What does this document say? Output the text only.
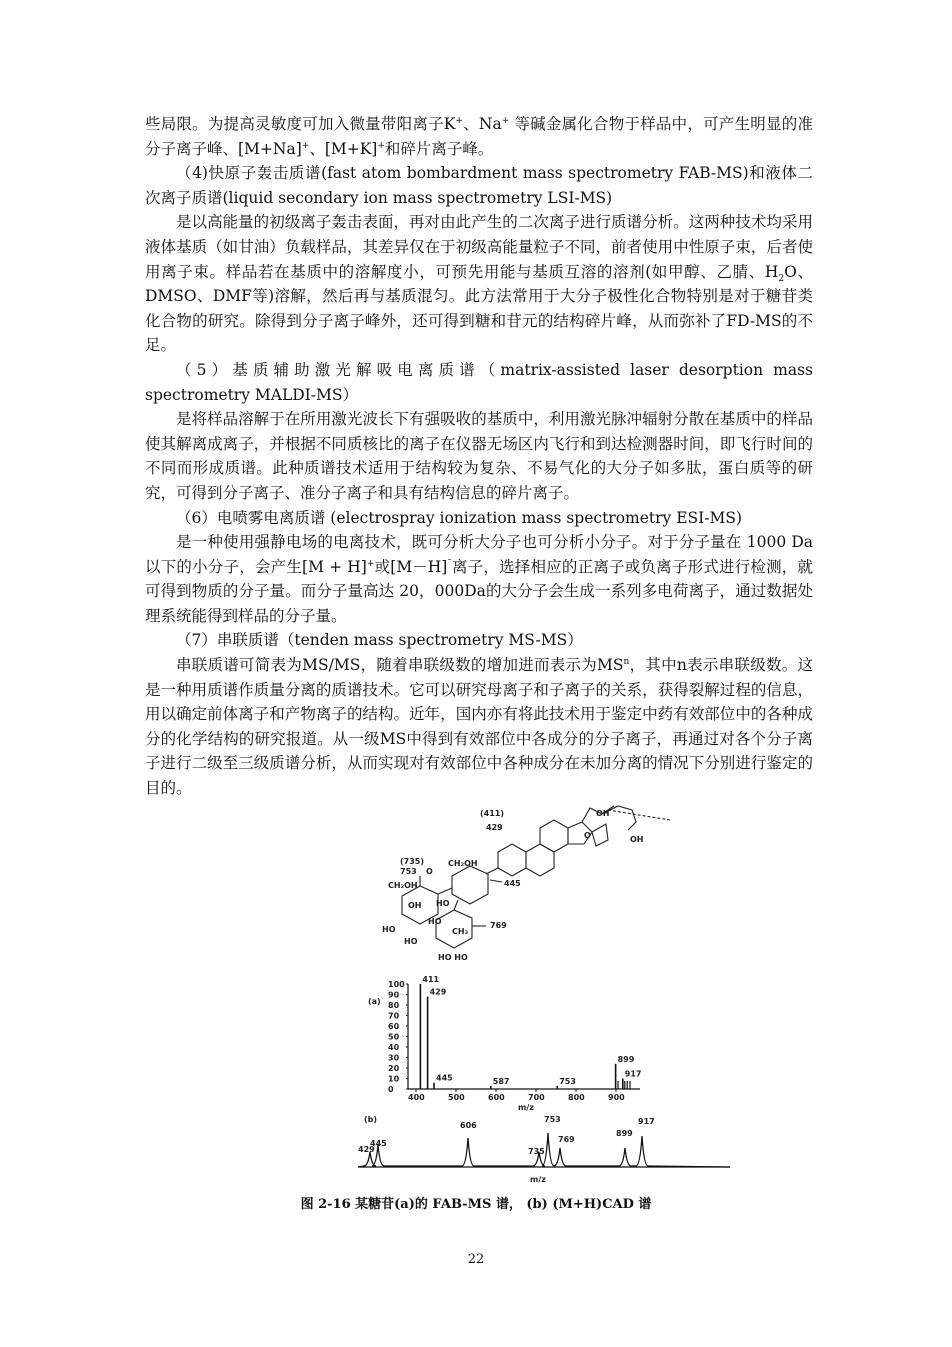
些局限。为提高灵敏度可加入微量带阳离子K+、Na+ 等碱金属化合物于样品中，可产生明显的准分子离子峰、[M+Na]+、[M+K]+和碎片离子峰。

（4)快原子轰击质谱(fast atom bombardment mass spectrometry FAB-MS)和液体二次离子质谱(liquid secondary ion mass spectrometry LSI-MS)

是以高能量的初级离子轰击表面，再对由此产生的二次离子进行质谱分析。这两种技术均采用液体基质（如甘油）负载样品，其差异仅在于初级高能量粒子不同，前者使用中性原子束，后者使用离子束。样品若在基质中的溶解度小，可预先用能与基质互溶的溶剂(如甲醇、乙腈、$H_2O$、DMSO、DMF等)溶解，然后再与基质混匀。此方法常用于大分子极性化合物特别是对于糖苷类化合物的研究。除得到分子离子峰外，还可得到糖和苷元的结构碎片峰，从而弥补了FD-MS的不足。

（5）基质辅助激光解吸电离质谱（matrix-assisted laser desorption mass spectrometry MALDI-MS）

是将样品溶解于在所用激光波长下有强吸收的基质中，利用激光脉冲辐射分散在基质中的样品使其解离成离子，并根据不同质核比的离子在仪器无场区内飞行和到达检测器时间，即飞行时间的不同而形成质谱。此种质谱技术适用于结构较为复杂、不易气化的大分子如多肽，蛋白质等的研究，可得到分子离子、准分子离子和具有结构信息的碎片离子。

（6）电喷雾电离质谱 (electrospray ionization mass spectrometry ESI-MS)

是一种使用强静电场的电离技术，既可分析大分子也可分析小分子。对于分子量在 1000 Da以下的小分子，会产生[M + H]+或[M－H]¯离子，选择相应的正离子或负离子形式进行检测，就可得到物质的分子量。而分子量高达 20，000Da的大分子会生成一系列多电荷离子，通过数据处理系统能得到样品的分子量。

（7）串联质谱（tenden mass spectrometry MS-MS）

串联质谱可简表为MS/MS，随着串联级数的增加进而表示为$MS^n$，其中n表示串联级数。这是一种用质谱作质量分离的质谱技术。它可以研究母离子和子离子的关系，获得裂解过程的信息，用以确定前体离子和产物离子的结构。近年，国内亦有将此技术用于鉴定中药有效部位中的各种成分的化学结构的研究报道。从一级MS中得到有效部位中各成分的分子离子，再通过对各个分子离子进行二级至三级质谱分析，从而实现对有效部位中各种成分在未加分离的情况下分别进行鉴定的目的。

(411)
429
(735)
753 O
CH₂OH
CH₂OH	445
HO
OH
HO
HO
CH₃
769
HO
HO HO
OH
O	OH
(a)
m/z
100
90
80
70
60
50
40
30
20
10
0
400	500	600	700	800	900
411
429
445	587	753
899
917
(b)
429
445
606
735
753
769
899
917
m/z
图 2-16 某糖苷(a)的 FAB-MS 谱， (b) (M+H)CAD 谱
22
